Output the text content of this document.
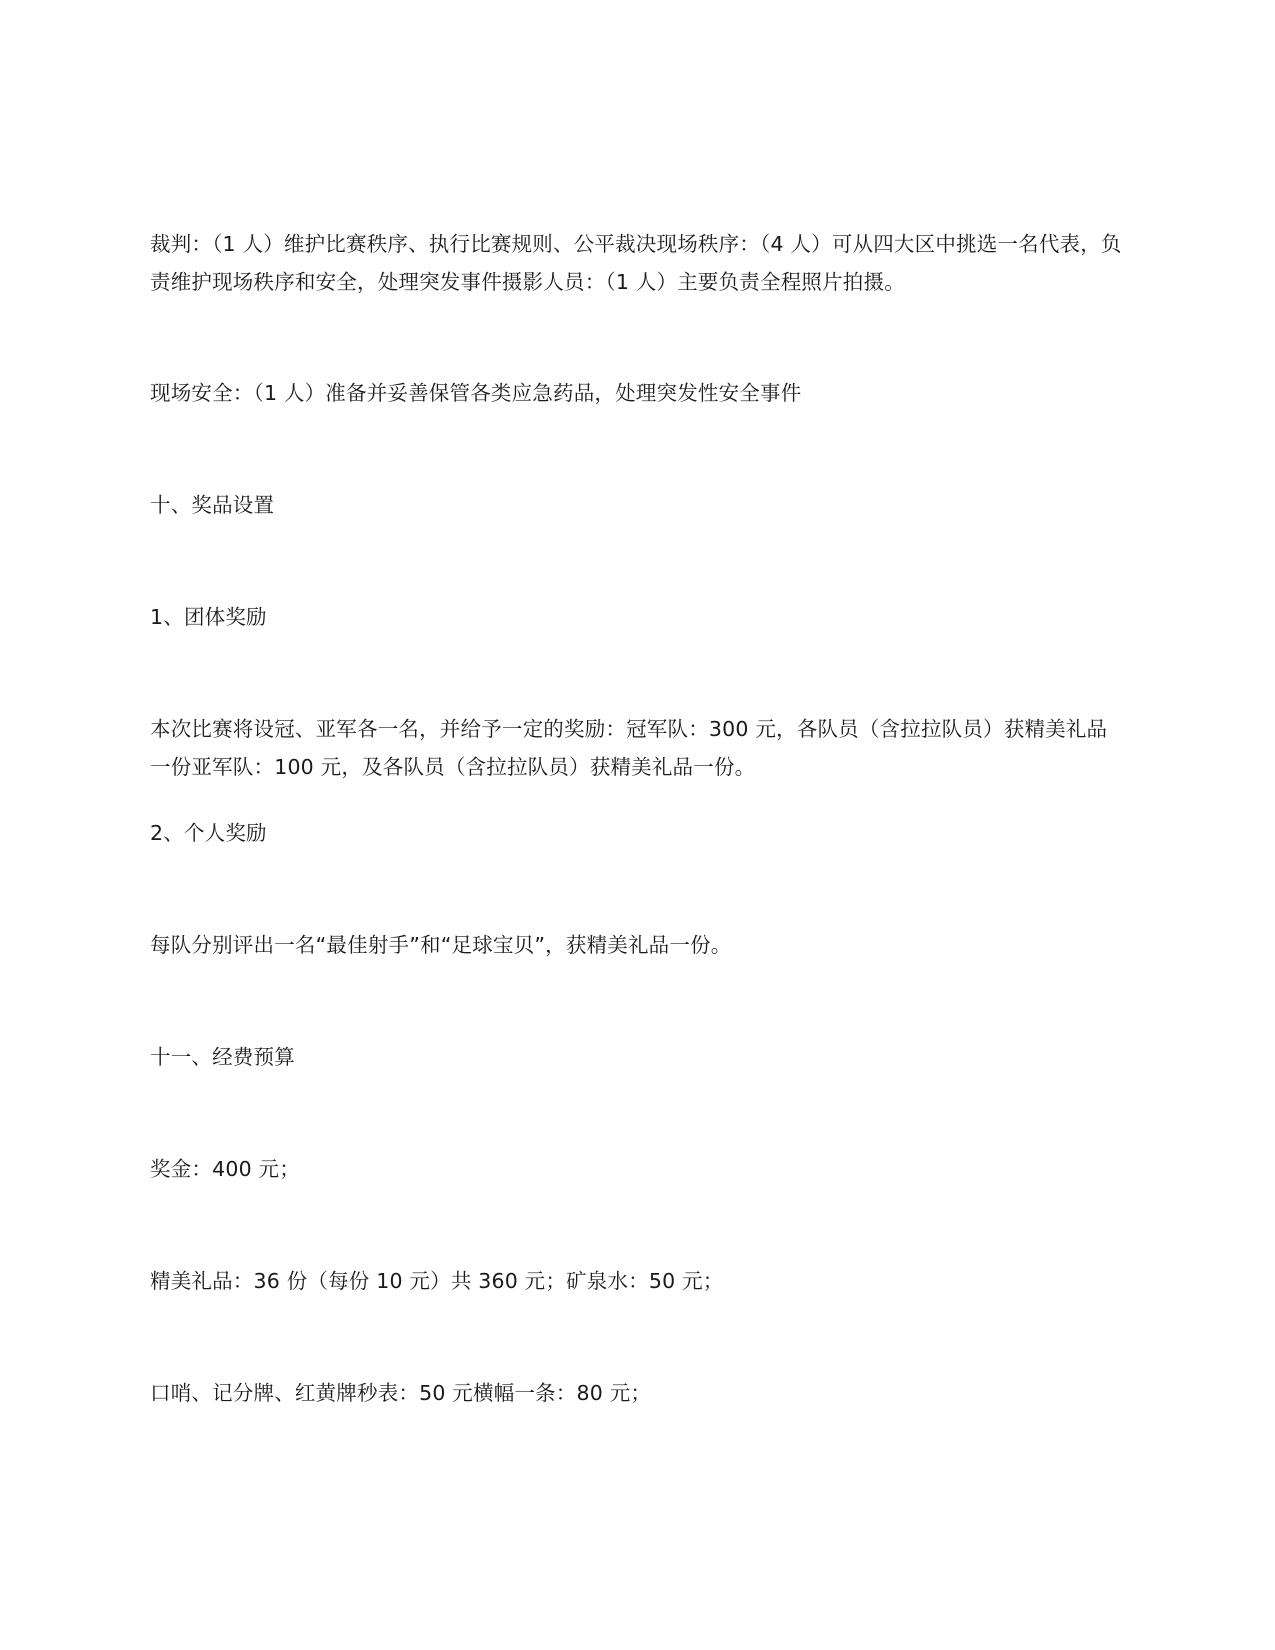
裁判：（1 人）维护比赛秩序、执行比赛规则、公平裁决现场秩序：（4 人）可从四大区中挑选一名代表，负责维护现场秩序和安全，处理突发事件摄影人员：（1 人）主要负责全程照片拍摄。

现场安全：（1 人）准备并妥善保管各类应急药品，处理突发性安全事件

十、奖品设置

1、团体奖励

本次比赛将设冠、亚军各一名，并给予一定的奖励：冠军队：300 元，各队员（含拉拉队员）获精美礼品一份亚军队：100 元，及各队员（含拉拉队员）获精美礼品一份。

2、个人奖励

每队分别评出一名“最佳射手”和“足球宝贝”，获精美礼品一份。

十一、经费预算

奖金：400 元；

精美礼品：36 份（每份 10 元）共 360 元；矿泉水：50 元；

口哨、记分牌、红黄牌秒表：50 元横幅一条：80 元；
